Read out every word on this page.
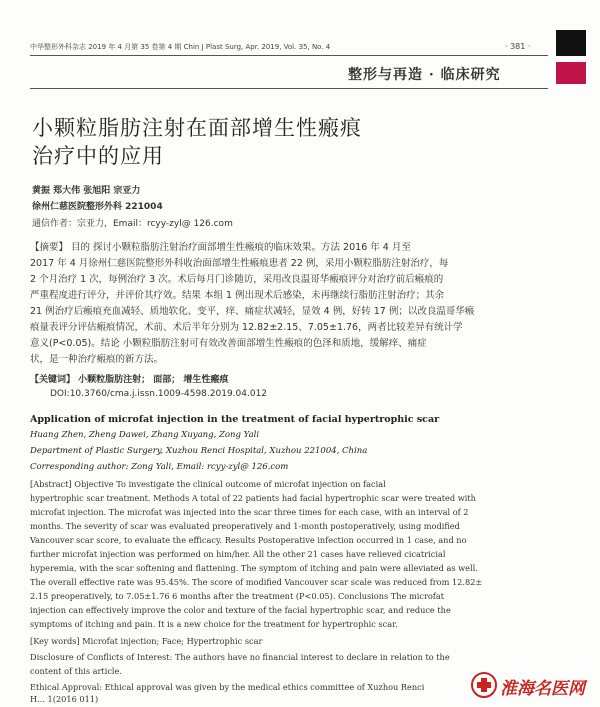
中华整形外科杂志 2019 年 4 月第 35 卷第 4 期 Chin J Plast Surg, Apr. 2019, Vol. 35, No. 4	· 381 ·
整形与再造 · 临床研究
小颗粒脂肪注射在面部增生性瘢痕
治疗中的应用
黄振 郑大伟 张旭阳 宗亚力
徐州仁慈医院整形外科 221004
通信作者：宗亚力，Email：rcyy-zyl@ 126.com

【摘要】 目的 探讨小颗粒脂肪注射治疗面部增生性瘢痕的临床效果。方法 2016 年 4 月至

2017 年 4 月徐州仁慈医院整形外科收治面部增生性瘢痕患者 22 例，采用小颗粒脂肪注射治疗，每

2 个月治疗 1 次，每例治疗 3 次。术后每月门诊随访，采用改良温哥华瘢痕评分对治疗前后瘢痕的

严重程度进行评分，并评价其疗效。结果 本组 1 例出现术后感染，未再继续行脂肪注射治疗；其余

21 例治疗后瘢痕充血减轻、质地软化、变平，痒、痛症状减轻，显效 4 例，好转 17 例；以改良温哥华瘢

痕量表评分评估瘢痕情况，术前、术后半年分别为 12.82±2.15、7.05±1.76，两者比较差异有统计学

意义(P<0.05)。结论 小颗粒脂肪注射可有效改善面部增生性瘢痕的色泽和质地，缓解痒、痛症

状，是一种治疗瘢痕的新方法。

【关键词】 小颗粒脂肪注射； 面部； 增生性瘢痕
DOI:10.3760/cma.j.issn.1009-4598.2019.04.012
Application of microfat injection in the treatment of facial hypertrophic scar
Huang Zhen, Zheng Dawei, Zhang Xuyang, Zong Yali
Department of Plastic Surgery, Xuzhou Renci Hospital, Xuzhou 221004, China
Corresponding author: Zong Yali, Email: rcyy-zyl@ 126.com

[Abstract] Objective To investigate the clinical outcome of microfat injection on facial

hypertrophic scar treatment. Methods A total of 22 patients had facial hypertrophic scar were treated with

microfat injection. The microfat was injected into the scar three times for each case, with an interval of 2

months. The severity of scar was evaluated preoperatively and 1-month postoperatively, using modified

Vancouver scar score, to evaluate the efficacy. Results Postoperative infection occurred in 1 case, and no

further microfat injection was performed on him/her. All the other 21 cases have relieved cicatricial

hyperemia, with the scar softening and flattening. The symptom of itching and pain were alleviated as well.

The overall effective rate was 95.45%. The score of modified Vancouver scar scale was reduced from 12.82±

2.15 preoperatively, to 7.05±1.76 6 months after the treatment (P<0.05). Conclusions The microfat

injection can effectively improve the color and texture of the facial hypertrophic scar, and reduce the

symptoms of itching and pain. It is a new choice for the treatment for hypertrophic scar.

[Key words] Microfat injection; Face; Hypertrophic scar

Disclosure of Conflicts of Interest: The authors have no financial interest to declare in relation to the

content of this article.

Ethical Approval: Ethical approval was given by the medical ethics committee of Xuzhou Renci

H... 1(2016 011)	淮海名医网
